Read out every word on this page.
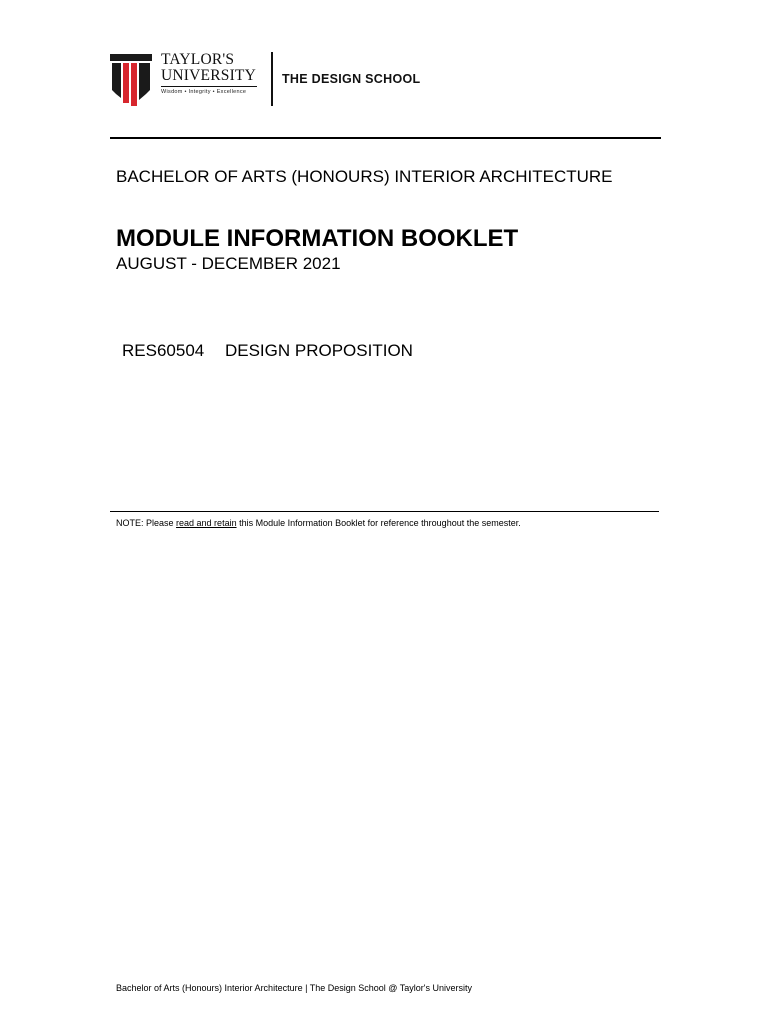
TAYLOR'S
UNIVERSITY
Wisdom • Integrity • Excellence
THE DESIGN SCHOOL
BACHELOR OF ARTS (HONOURS) INTERIOR ARCHITECTURE
MODULE INFORMATION BOOKLET
AUGUST - DECEMBER 2021
RES60504 DESIGN PROPOSITION
NOTE: Please read and retain this Module Information Booklet for reference throughout the semester.
Bachelor of Arts (Honours) Interior Architecture | The Design School @ Taylor's University
